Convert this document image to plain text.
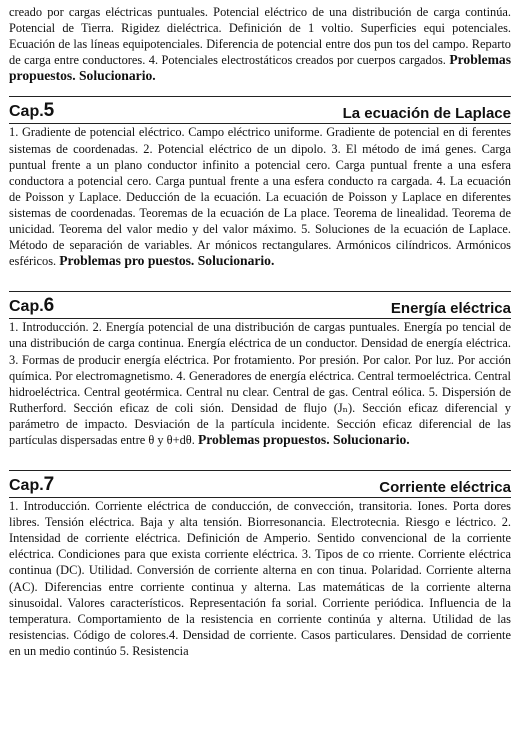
creado por cargas eléctricas puntuales. Potencial eléctrico de una distribución de carga continúa. Potencial de Tierra. Rigidez dieléctrica. Definición de 1 voltio. Superficies equi potenciales. Ecuación de las líneas equipotenciales. Diferencia de potencial entre dos pun tos del campo. Reparto de carga entre conductores. 4. Potenciales electrostáticos creados por cuerpos cargados. Problemas propuestos. Solucionario.

Cap.5	La ecuación de Laplace

1. Gradiente de potencial eléctrico. Campo eléctrico uniforme. Gradiente de potencial en di ferentes sistemas de coordenadas. 2. Potencial eléctrico de un dipolo. 3. El método de imá genes. Carga puntual frente a un plano conductor infinito a potencial cero. Carga puntual frente a una esfera conductora a potencial cero. Carga puntual frente a una esfera conducto ra cargada. 4. La ecuación de Poisson y Laplace. Deducción de la ecuación. La ecuación de Poisson y Laplace en diferentes sistemas de coordenadas. Teoremas de la ecuación de La place. Teorema de linealidad. Teorema de unicidad. Teorema del valor medio y del valor máximo. 5. Soluciones de la ecuación de Laplace. Método de separación de variables. Ar mónicos rectangulares. Armónicos cilíndricos. Armónicos esféricos. Problemas pro puestos. Solucionario.

Cap.6	Energía eléctrica

1. Introducción. 2. Energía potencial de una distribución de cargas puntuales. Energía po tencial de una distribución de carga continua. Energía eléctrica de un conductor. Densidad de energía eléctrica. 3. Formas de producir energía eléctrica. Por frotamiento. Por presión. Por calor. Por luz. Por acción química. Por electromagnetismo. 4. Generadores de energía eléctrica. Central termoeléctrica. Central hidroeléctrica. Central geotérmica. Central nu clear. Central de gas. Central eólica. 5. Dispersión de Rutherford. Sección eficaz de coli sión. Densidad de flujo (Jₙ). Sección eficaz diferencial y parámetro de impacto. Desviación de la partícula incidente. Sección eficaz diferencial de las partículas dispersadas entre θ y θ+dθ. Problemas propuestos. Solucionario.

Cap.7	Corriente eléctrica

1. Introducción. Corriente eléctrica de conducción, de convección, transitoria. Iones. Porta dores libres. Tensión eléctrica. Baja y alta tensión. Biorresonancia. Electrotecnia. Riesgo e léctrico. 2. Intensidad de corriente eléctrica. Definición de Amperio. Sentido convencional de la corriente eléctrica. Condiciones para que exista corriente eléctrica. 3. Tipos de co rriente. Corriente eléctrica continua (DC). Utilidad. Conversión de corriente alterna en con tinua. Polaridad. Corriente alterna (AC). Diferencias entre corriente continua y alterna. Las matemáticas de la corriente alterna sinusoidal. Valores característicos. Representación fa sorial. Corriente periódica. Influencia de la temperatura. Comportamiento de la resistencia en corriente continúa y alterna. Utilidad de las resistencias. Código de colores.4. Densidad de corriente. Casos particulares. Densidad de corriente en un medio continúo 5. Resistencia
